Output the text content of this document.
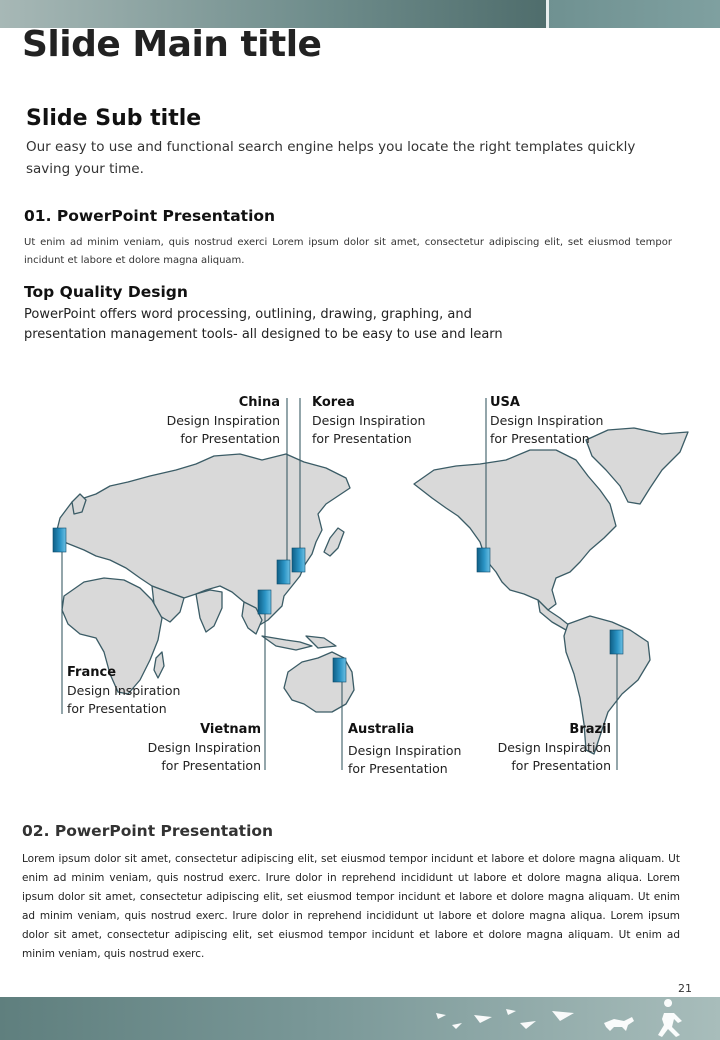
Slide Main title
Slide Sub title
Our easy to use and functional search engine helps you locate the right templates quickly saving your time.
01. PowerPoint Presentation
Ut enim ad minim veniam, quis nostrud exerci Lorem ipsum dolor sit amet, consectetur adipiscing elit, set eiusmod tempor incidunt et labore et dolore magna aliquam.
Top Quality Design
PowerPoint offers word processing, outlining, drawing, graphing, and
presentation management tools- all designed to be easy to use and learn
China
Design Inspiration
for Presentation
Korea
Design Inspiration
for Presentation
USA
Design Inspiration
for Presentation
France
Design Inspiration
for Presentation
Vietnam
Design Inspiration
for Presentation
Australia
Design Inspiration
for Presentation
Brazil
Design Inspiration
for Presentation
02. PowerPoint Presentation
Lorem ipsum dolor sit amet, consectetur adipiscing elit, set eiusmod tempor incidunt et labore et dolore magna aliquam. Ut enim ad minim veniam, quis nostrud exerc. Irure dolor in reprehend incididunt ut labore et dolore magna aliqua. Lorem ipsum dolor sit amet, consectetur adipiscing elit, set eiusmod tempor incidunt et labore et dolore magna aliquam. Ut enim ad minim veniam, quis nostrud exerc. Irure dolor in reprehend incididunt ut labore et dolore magna aliqua. Lorem ipsum dolor sit amet, consectetur adipiscing elit, set eiusmod tempor incidunt et labore et dolore magna aliquam. Ut enim ad minim veniam, quis nostrud exerc.
21
